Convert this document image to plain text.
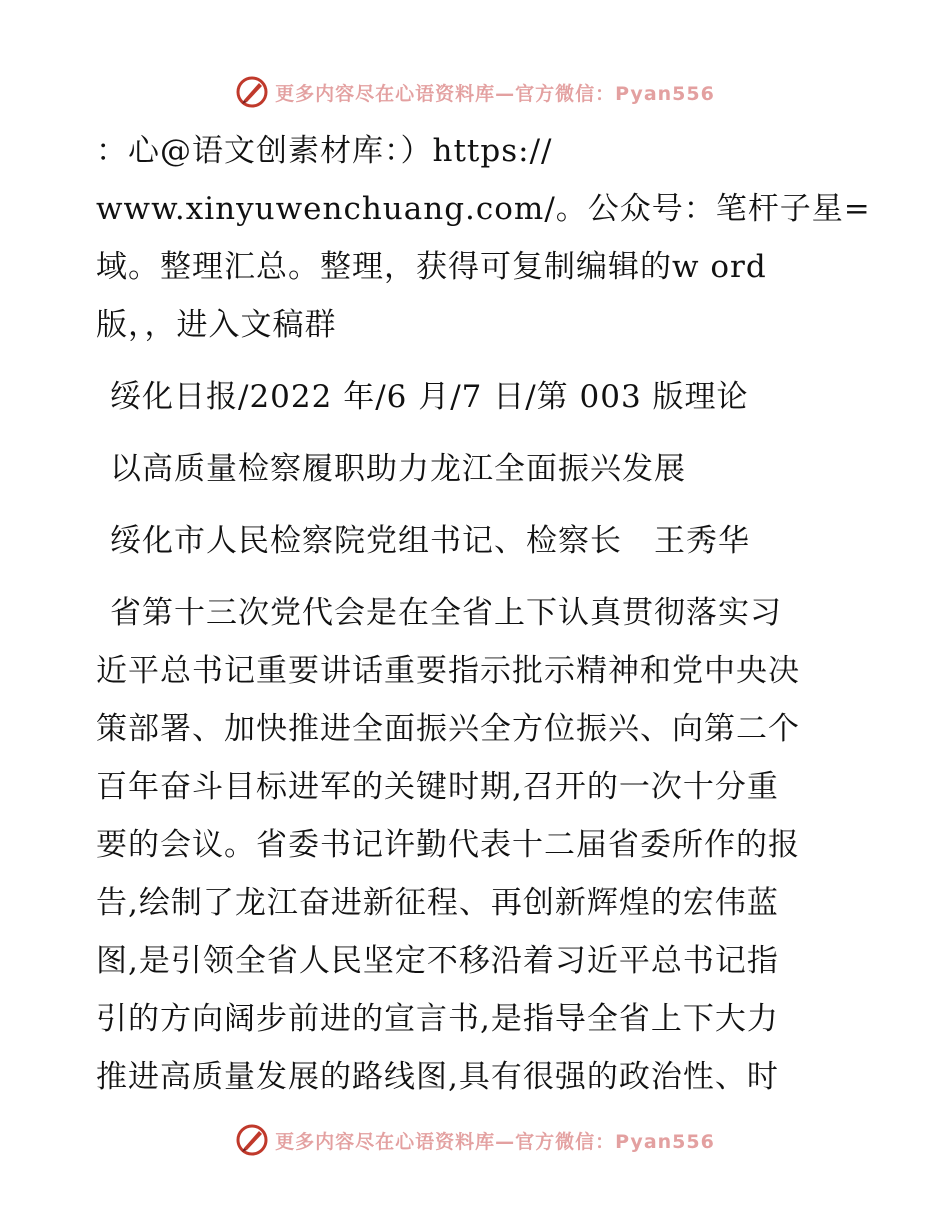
更多内容尽在心语资料库—官方微信：Pyan556
：心@语文创素材库：）https://
www.xinyuwenchuang.com/。公众号：笔杆子星=
域。整理汇总。整理，获得可复制编辑的w ord
版，，进入文稿群
绥化日报/2022 年/6 月/7 日/第 003 版理论
以高质量检察履职助力龙江全面振兴发展
绥化市人民检察院党组书记、检察长　王秀华
省第十三次党代会是在全省上下认真贯彻落实习
近平总书记重要讲话重要指示批示精神和党中央决
策部署、加快推进全面振兴全方位振兴、向第二个
百年奋斗目标进军的关键时期,召开的一次十分重
要的会议。省委书记许勤代表十二届省委所作的报
告,绘制了龙江奋进新征程、再创新辉煌的宏伟蓝
图,是引领全省人民坚定不移沿着习近平总书记指
引的方向阔步前进的宣言书,是指导全省上下大力
推进高质量发展的路线图,具有很强的政治性、时
更多内容尽在心语资料库—官方微信：Pyan556
